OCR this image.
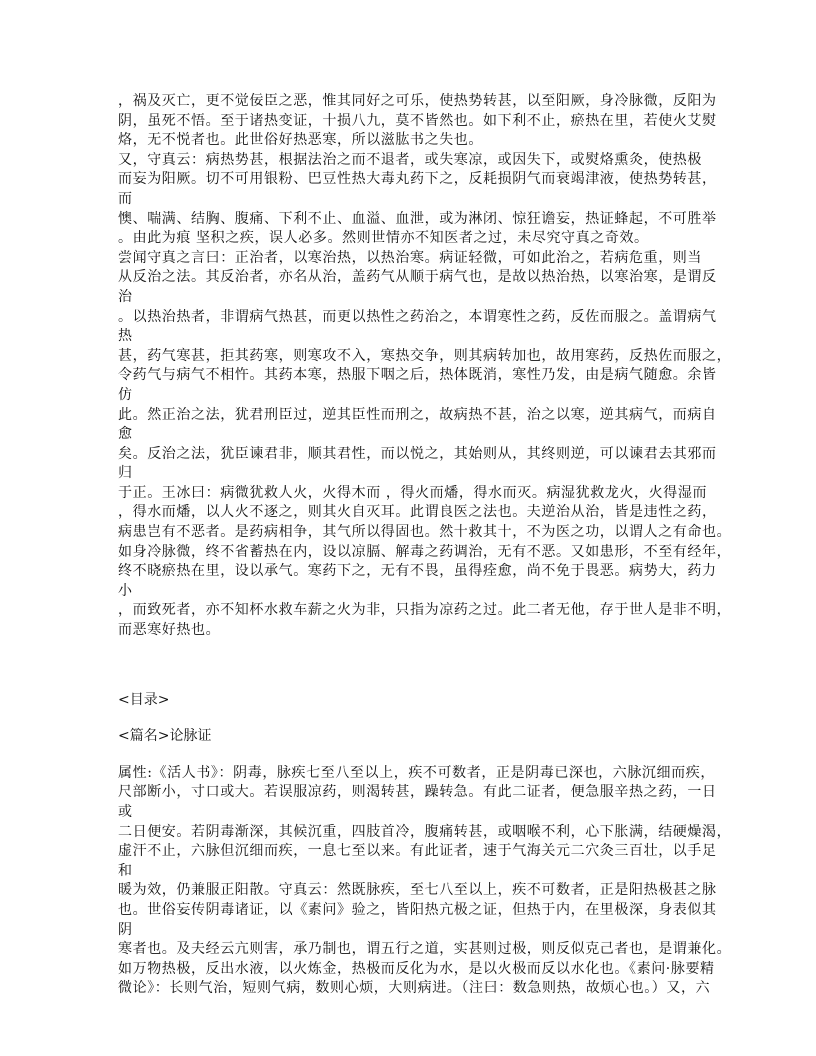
，祸及灭亡，更不觉佞臣之恶，惟其同好之可乐，使热势转甚，以至阳厥，身冷脉微，反阳为
阴，虽死不悟。至于诸热变证，十损八九，莫不皆然也。如下利不止，瘀热在里，若使火艾熨
烙，无不悦者也。此世俗好热恶寒，所以滋肱书之失也。
又，守真云：病热势甚，根据法治之而不退者，或失寒凉，或因失下，或熨烙熏灸，使热极
而妄为阳厥。切不可用银粉、巴豆性热大毒丸药下之，反耗损阴气而衰竭津液，使热势转甚，
而
懊、喘满、结胸、腹痛、下利不止、血溢、血泄，或为淋闭、惊狂谵妄，热证蜂起，不可胜举
。由此为痕 坚积之疾，误人必多。然则世情亦不知医者之过，未尽究守真之奇效。
尝闻守真之言曰：正治者，以寒治热，以热治寒。病证轻微，可如此治之，若病危重，则当
从反治之法。其反治者，亦名从治，盖药气从顺于病气也，是故以热治热，以寒治寒，是谓反
治
。以热治热者，非谓病气热甚，而更以热性之药治之，本谓寒性之药，反佐而服之。盖谓病气
热
甚，药气寒甚，拒其药寒，则寒攻不入，寒热交争，则其病转加也，故用寒药，反热佐而服之，
令药气与病气不相忤。其药本寒，热服下咽之后，热体既消，寒性乃发，由是病气随愈。余皆
仿
此。然正治之法，犹君刑臣过，逆其臣性而刑之，故病热不甚，治之以寒，逆其病气，而病自
愈
矣。反治之法，犹臣谏君非，顺其君性，而以悦之，其始则从，其终则逆，可以谏君去其邪而
归
于正。王冰曰：病微犹救人火，火得木而 ，得火而燔，得水而灭。病湿犹救龙火，火得湿而
，得水而燔，以人火不逐之，则其火自灭耳。此谓良医之法也。夫逆治从治，皆是违性之药，
病患岂有不恶者。是药病相争，其气所以得固也。然十救其十，不为医之功，以谓人之有命也。
如身冷脉微，终不省蓄热在内，设以凉膈、解毒之药调治，无有不恶。又如患形，不至有经年，
终不晓瘀热在里，设以承气。寒药下之，无有不畏，虽得痊愈，尚不免于畏恶。病势大，药力
小
，而致死者，亦不知杯水救车薪之火为非，只指为凉药之过。此二者无他，存于世人是非不明，
而恶寒好热也。
<目录>
<篇名>论脉证
属性:《活人书》：阴毒，脉疾七至八至以上，疾不可数者，正是阴毒已深也，六脉沉细而疾，
尺部断小，寸口或大。若误服凉药，则渴转甚，躁转急。有此二证者，便急服辛热之药，一日
或
二日便安。若阴毒渐深，其候沉重，四肢首冷，腹痛转甚，或咽喉不利，心下胀满，结硬燥渴，
虚汗不止，六脉但沉细而疾，一息七至以来。有此证者，速于气海关元二穴灸三百壮，以手足
和
暖为效，仍兼服正阳散。守真云：然既脉疾，至七八至以上，疾不可数者，正是阳热极甚之脉
也。世俗妄传阴毒诸证，以《素问》验之，皆阳热亢极之证，但热于内，在里极深，身表似其
阴
寒者也。及夫经云亢则害，承乃制也，谓五行之道，实甚则过极，则反似克己者也，是谓兼化。
如万物热极，反出水液，以火炼金，热极而反化为水，是以火极而反以水化也。《素问·脉要精
微论》：长则气治，短则气病，数则心烦，大则病进。（注曰：数急则热，故烦心也。）又，六
